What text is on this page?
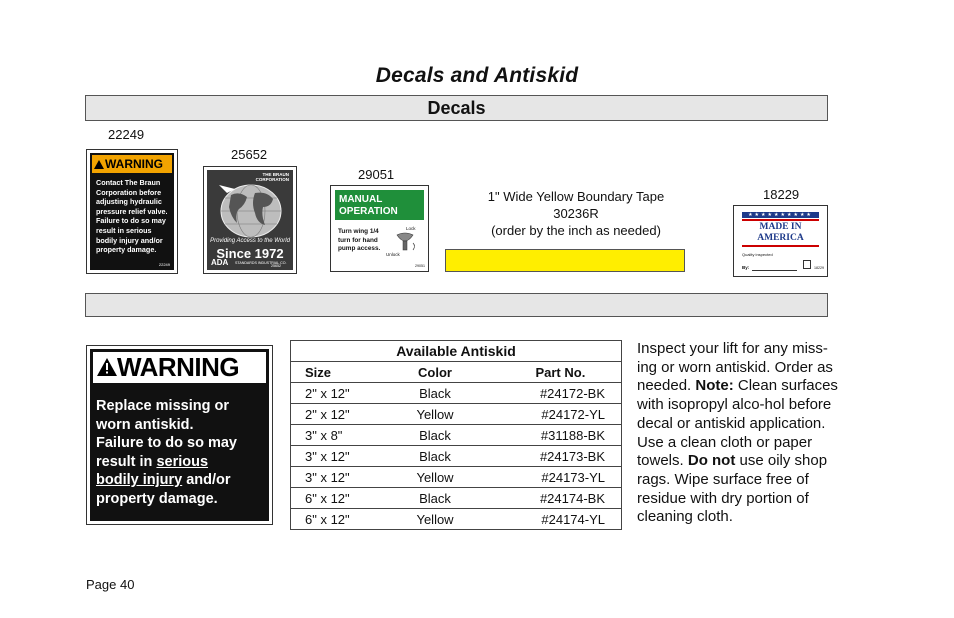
Decals and Antiskid
Decals
22249
WARNING
Contact The Braun Corporation before adjusting hydraulic pressure relief valve. Failure to do so may result in serious bodily injury and/or property damage.
22249
25652
THE BRAUN
CORPORATION
Providing Access to the World
Since 1972
ADA STANDARDS INDUSTRIAL CO.
25652
29051
MANUAL OPERATION
Turn wing 1/4 turn for hand pump access.
Lock
Unlock
29051
1" Wide Yellow Boundary Tape
30236R
(order by the inch as needed)
18229
★★★★★★★★★★
MADE IN
AMERICA
Quality inspected
By:	18229
WARNING
Replace missing or
worn antiskid.
Failure to do so may
result in serious
bodily injury and/or
property damage.
Available Antiskid		
Size	Color	Part No.
2" x 12"	Black	#24172-BK
2" x 12"	Yellow	#24172-YL
3" x 8"	Black	#31188-BK
3" x 12"	Black	#24173-BK
3" x 12"	Yellow	#24173-YL
6" x 12"	Black	#24174-BK
6" x 12"	Yellow	#24174-YL
Inspect your lift for any miss-ing or worn antiskid. Order as needed. Note: Clean surfaces with isopropyl alco-hol before decal or antiskid application. Use a clean cloth or paper towels. Do not use oily shop rags. Wipe surface free of residue with dry portion of cleaning cloth.
Page 40
